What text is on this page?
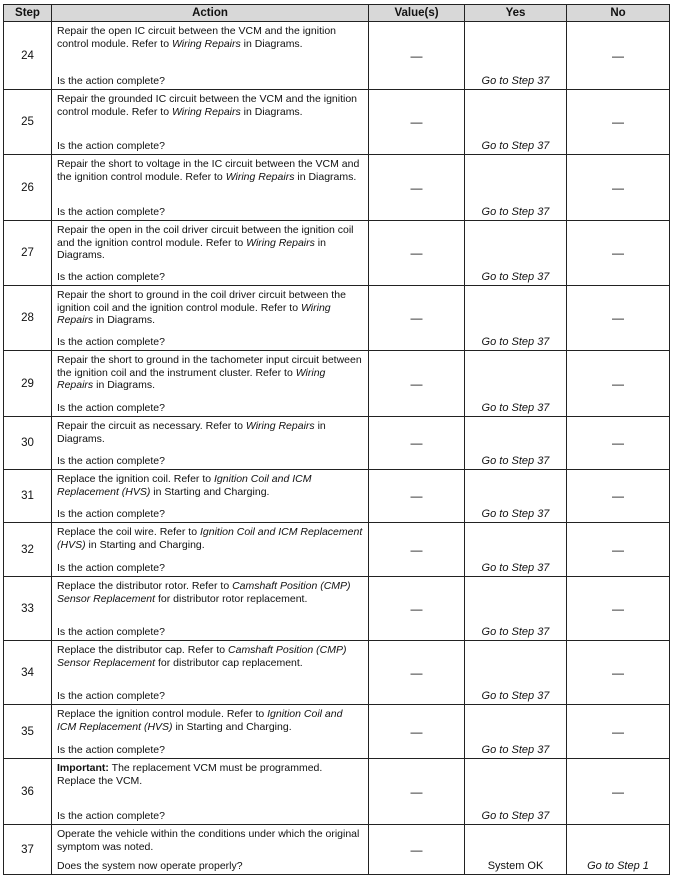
Step	Action	Value(s)	Yes	No
24	Repair the open IC circuit between the VCM and the ignition control module. Refer to Wiring Repairs in Diagrams.
Is the action complete?	—	Go to Step 37	—
25	Repair the grounded IC circuit between the VCM and the ignition control module. Refer to Wiring Repairs in Diagrams.
Is the action complete?	—	Go to Step 37	—
26	Repair the short to voltage in the IC circuit between the VCM and the ignition control module. Refer to Wiring Repairs in Diagrams.
Is the action complete?	—	Go to Step 37	—
27	Repair the open in the coil driver circuit between the ignition coil and the ignition control module. Refer to Wiring Repairs in Diagrams.
Is the action complete?	—	Go to Step 37	—
28	Repair the short to ground in the coil driver circuit between the ignition coil and the ignition control module. Refer to Wiring Repairs in Diagrams.
Is the action complete?	—	Go to Step 37	—
29	Repair the short to ground in the tachometer input circuit between the ignition coil and the instrument cluster. Refer to Wiring Repairs in Diagrams.
Is the action complete?	—	Go to Step 37	—
30	Repair the circuit as necessary. Refer to Wiring Repairs in Diagrams.
Is the action complete?	—	Go to Step 37	—
31	Replace the ignition coil. Refer to Ignition Coil and ICM Replacement (HVS) in Starting and Charging.
Is the action complete?	—	Go to Step 37	—
32	Replace the coil wire. Refer to Ignition Coil and ICM Replacement (HVS) in Starting and Charging.
Is the action complete?	—	Go to Step 37	—
33	Replace the distributor rotor. Refer to Camshaft Position (CMP) Sensor Replacement for distributor rotor replacement.
Is the action complete?	—	Go to Step 37	—
34	Replace the distributor cap. Refer to Camshaft Position (CMP) Sensor Replacement for distributor cap replacement.
Is the action complete?	—	Go to Step 37	—
35	Replace the ignition control module. Refer to Ignition Coil and ICM Replacement (HVS) in Starting and Charging.
Is the action complete?	—	Go to Step 37	—
36	Important: The replacement VCM must be programmed.
Replace the VCM.
Is the action complete?	—	Go to Step 37	—
37	Operate the vehicle within the conditions under which the original symptom was noted.
Does the system now operate properly?	—	System OK	Go to Step 1
